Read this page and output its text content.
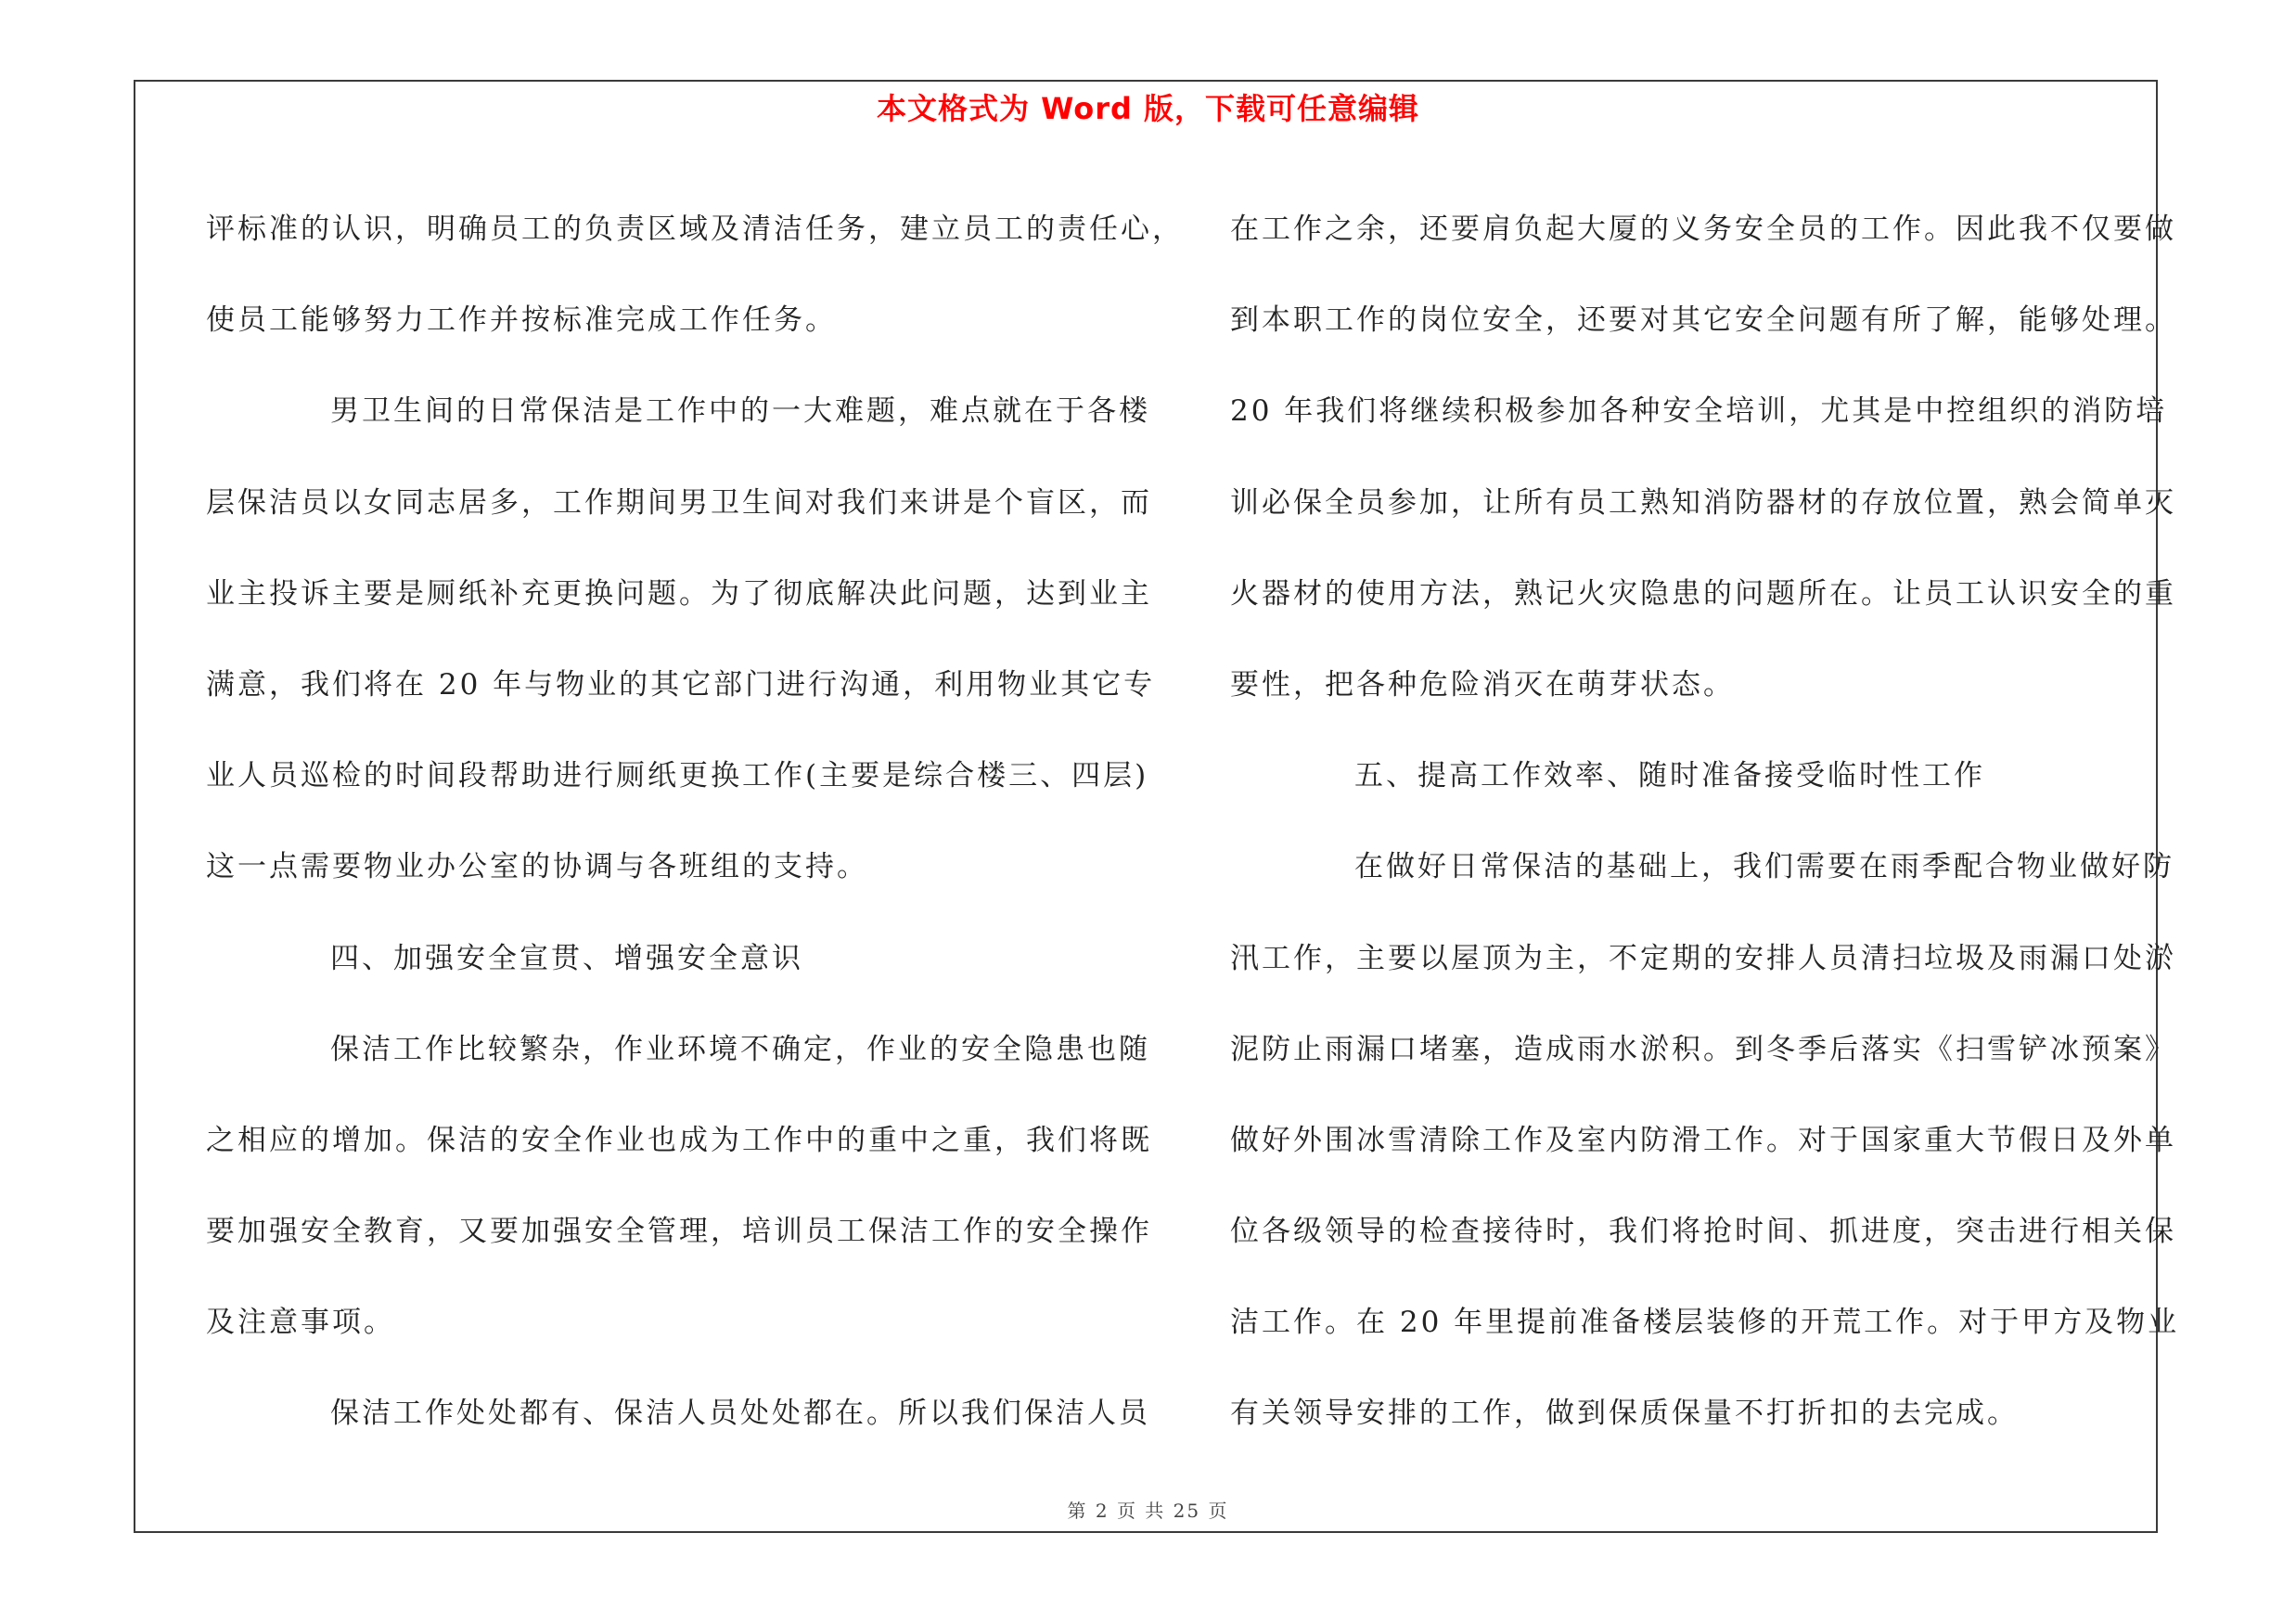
本文格式为 Word 版，下载可任意编辑
评标准的认识，明确员工的负责区域及清洁任务，建立员工的责任心，
使员工能够努力工作并按标准完成工作任务。
男卫生间的日常保洁是工作中的一大难题，难点就在于各楼
层保洁员以女同志居多，工作期间男卫生间对我们来讲是个盲区，而
业主投诉主要是厕纸补充更换问题。为了彻底解决此问题，达到业主
满意，我们将在 20 年与物业的其它部门进行沟通，利用物业其它专
业人员巡检的时间段帮助进行厕纸更换工作(主要是综合楼三、四层)
这一点需要物业办公室的协调与各班组的支持。
四、加强安全宣贯、增强安全意识
保洁工作比较繁杂，作业环境不确定，作业的安全隐患也随
之相应的增加。保洁的安全作业也成为工作中的重中之重，我们将既
要加强安全教育，又要加强安全管理，培训员工保洁工作的安全操作
及注意事项。
保洁工作处处都有、保洁人员处处都在。所以我们保洁人员
在工作之余，还要肩负起大厦的义务安全员的工作。因此我不仅要做
到本职工作的岗位安全，还要对其它安全问题有所了解，能够处理。
20 年我们将继续积极参加各种安全培训，尤其是中控组织的消防培
训必保全员参加，让所有员工熟知消防器材的存放位置，熟会简单灭
火器材的使用方法，熟记火灾隐患的问题所在。让员工认识安全的重
要性，把各种危险消灭在萌芽状态。
五、提高工作效率、随时准备接受临时性工作
在做好日常保洁的基础上，我们需要在雨季配合物业做好防
汛工作，主要以屋顶为主，不定期的安排人员清扫垃圾及雨漏口处淤
泥防止雨漏口堵塞，造成雨水淤积。到冬季后落实《扫雪铲冰预案》
做好外围冰雪清除工作及室内防滑工作。对于国家重大节假日及外单
位各级领导的检查接待时，我们将抢时间、抓进度，突击进行相关保
洁工作。在 20 年里提前准备楼层装修的开荒工作。对于甲方及物业
有关领导安排的工作，做到保质保量不打折扣的去完成。
第 2 页 共 25 页
